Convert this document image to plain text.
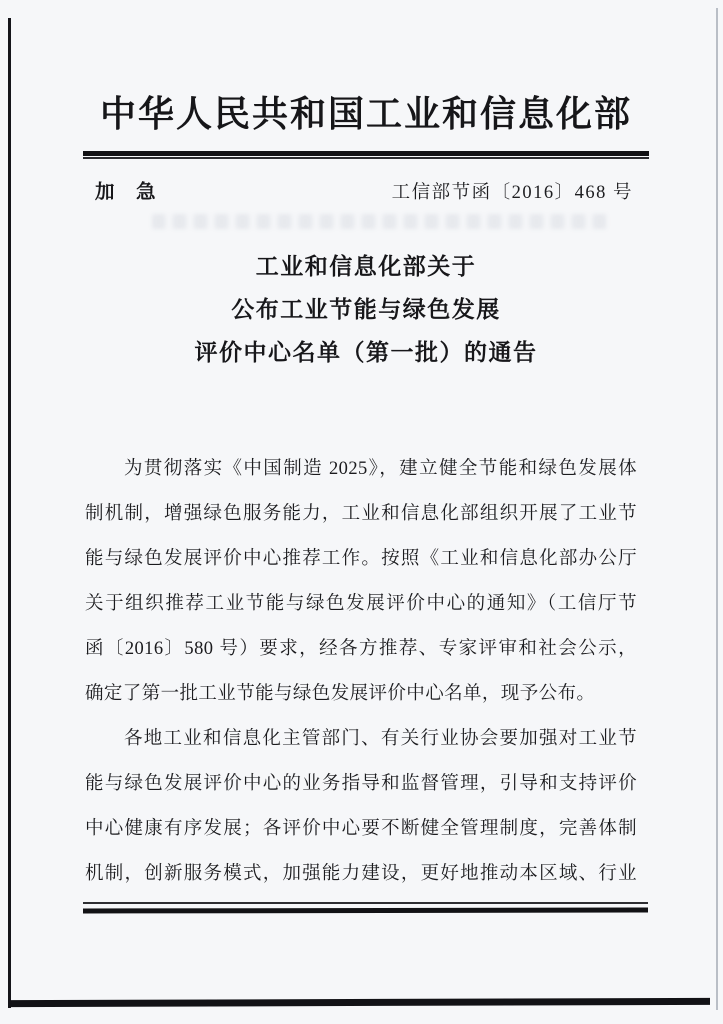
中华人民共和国工业和信息化部
加　急	工信部节函〔2016〕468 号
工业和信息化部关于
公布工业节能与绿色发展
评价中心名单（第一批）的通告
为贯彻落实《中国制造 2025》，建立健全节能和绿色发展体
制机制，增强绿色服务能力，工业和信息化部组织开展了工业节
能与绿色发展评价中心推荐工作。按照《工业和信息化部办公厅
关于组织推荐工业节能与绿色发展评价中心的通知》（工信厅节
函〔2016〕580 号）要求，经各方推荐、专家评审和社会公示，
确定了第一批工业节能与绿色发展评价中心名单，现予公布。
各地工业和信息化主管部门、有关行业协会要加强对工业节
能与绿色发展评价中心的业务指导和监督管理，引导和支持评价
中心健康有序发展；各评价中心要不断健全管理制度，完善体制
机制，创新服务模式，加强能力建设，更好地推动本区域、行业
